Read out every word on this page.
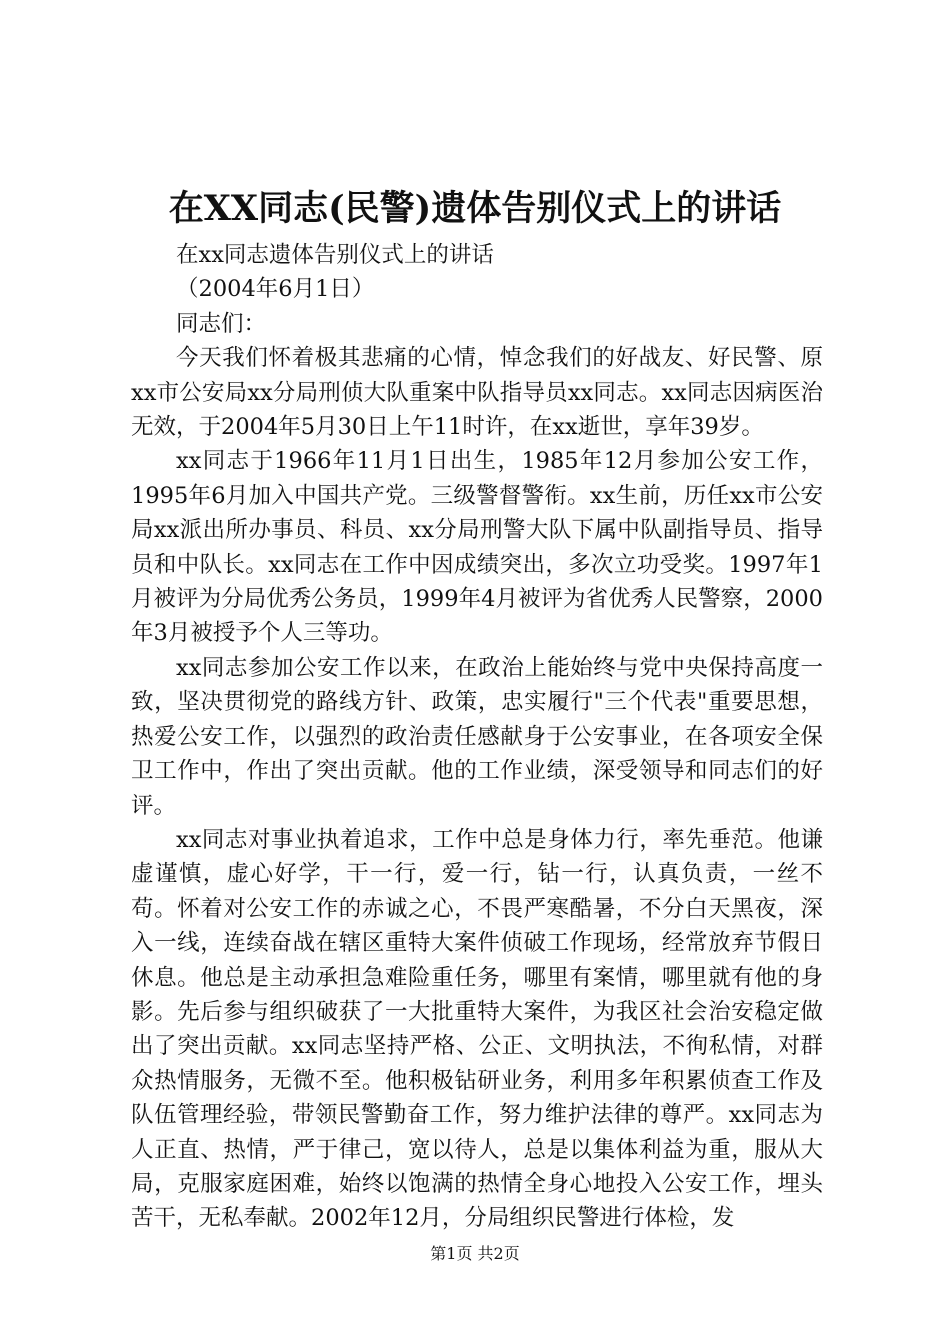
在XX同志(民警)遗体告别仪式上的讲话

在xx同志遗体告别仪式上的讲话

（2004年6月1日）

同志们：

今天我们怀着极其悲痛的心情，悼念我们的好战友、好民警、原xx市公安局xx分局刑侦大队重案中队指导员xx同志。xx同志因病医治无效，于2004年5月30日上午11时许，在xx逝世，享年39岁。

xx同志于1966年11月1日出生，1985年12月参加公安工作，1995年6月加入中国共产党。三级警督警衔。xx生前，历任xx市公安局xx派出所办事员、科员、xx分局刑警大队下属中队副指导员、指导员和中队长。xx同志在工作中因成绩突出，多次立功受奖。1997年1月被评为分局优秀公务员，1999年4月被评为省优秀人民警察，2000年3月被授予个人三等功。

xx同志参加公安工作以来，在政治上能始终与党中央保持高度一致，坚决贯彻党的路线方针、政策，忠实履行"三个代表"重要思想，热爱公安工作，以强烈的政治责任感献身于公安事业，在各项安全保卫工作中，作出了突出贡献。他的工作业绩，深受领导和同志们的好评。

xx同志对事业执着追求，工作中总是身体力行，率先垂范。他谦虚谨慎，虚心好学，干一行，爱一行，钻一行，认真负责，一丝不苟。怀着对公安工作的赤诚之心，不畏严寒酷暑，不分白天黑夜，深入一线，连续奋战在辖区重特大案件侦破工作现场，经常放弃节假日休息。他总是主动承担急难险重任务，哪里有案情，哪里就有他的身影。先后参与组织破获了一大批重特大案件，为我区社会治安稳定做出了突出贡献。xx同志坚持严格、公正、文明执法，不徇私情，对群众热情服务，无微不至。他积极钻研业务，利用多年积累侦查工作及队伍管理经验，带领民警勤奋工作，努力维护法律的尊严。xx同志为人正直、热情，严于律己，宽以待人，总是以集体利益为重，服从大局，克服家庭困难，始终以饱满的热情全身心地投入公安工作，埋头苦干，无私奉献。2002年12月，分局组织民警进行体检，发

第1页 共2页
